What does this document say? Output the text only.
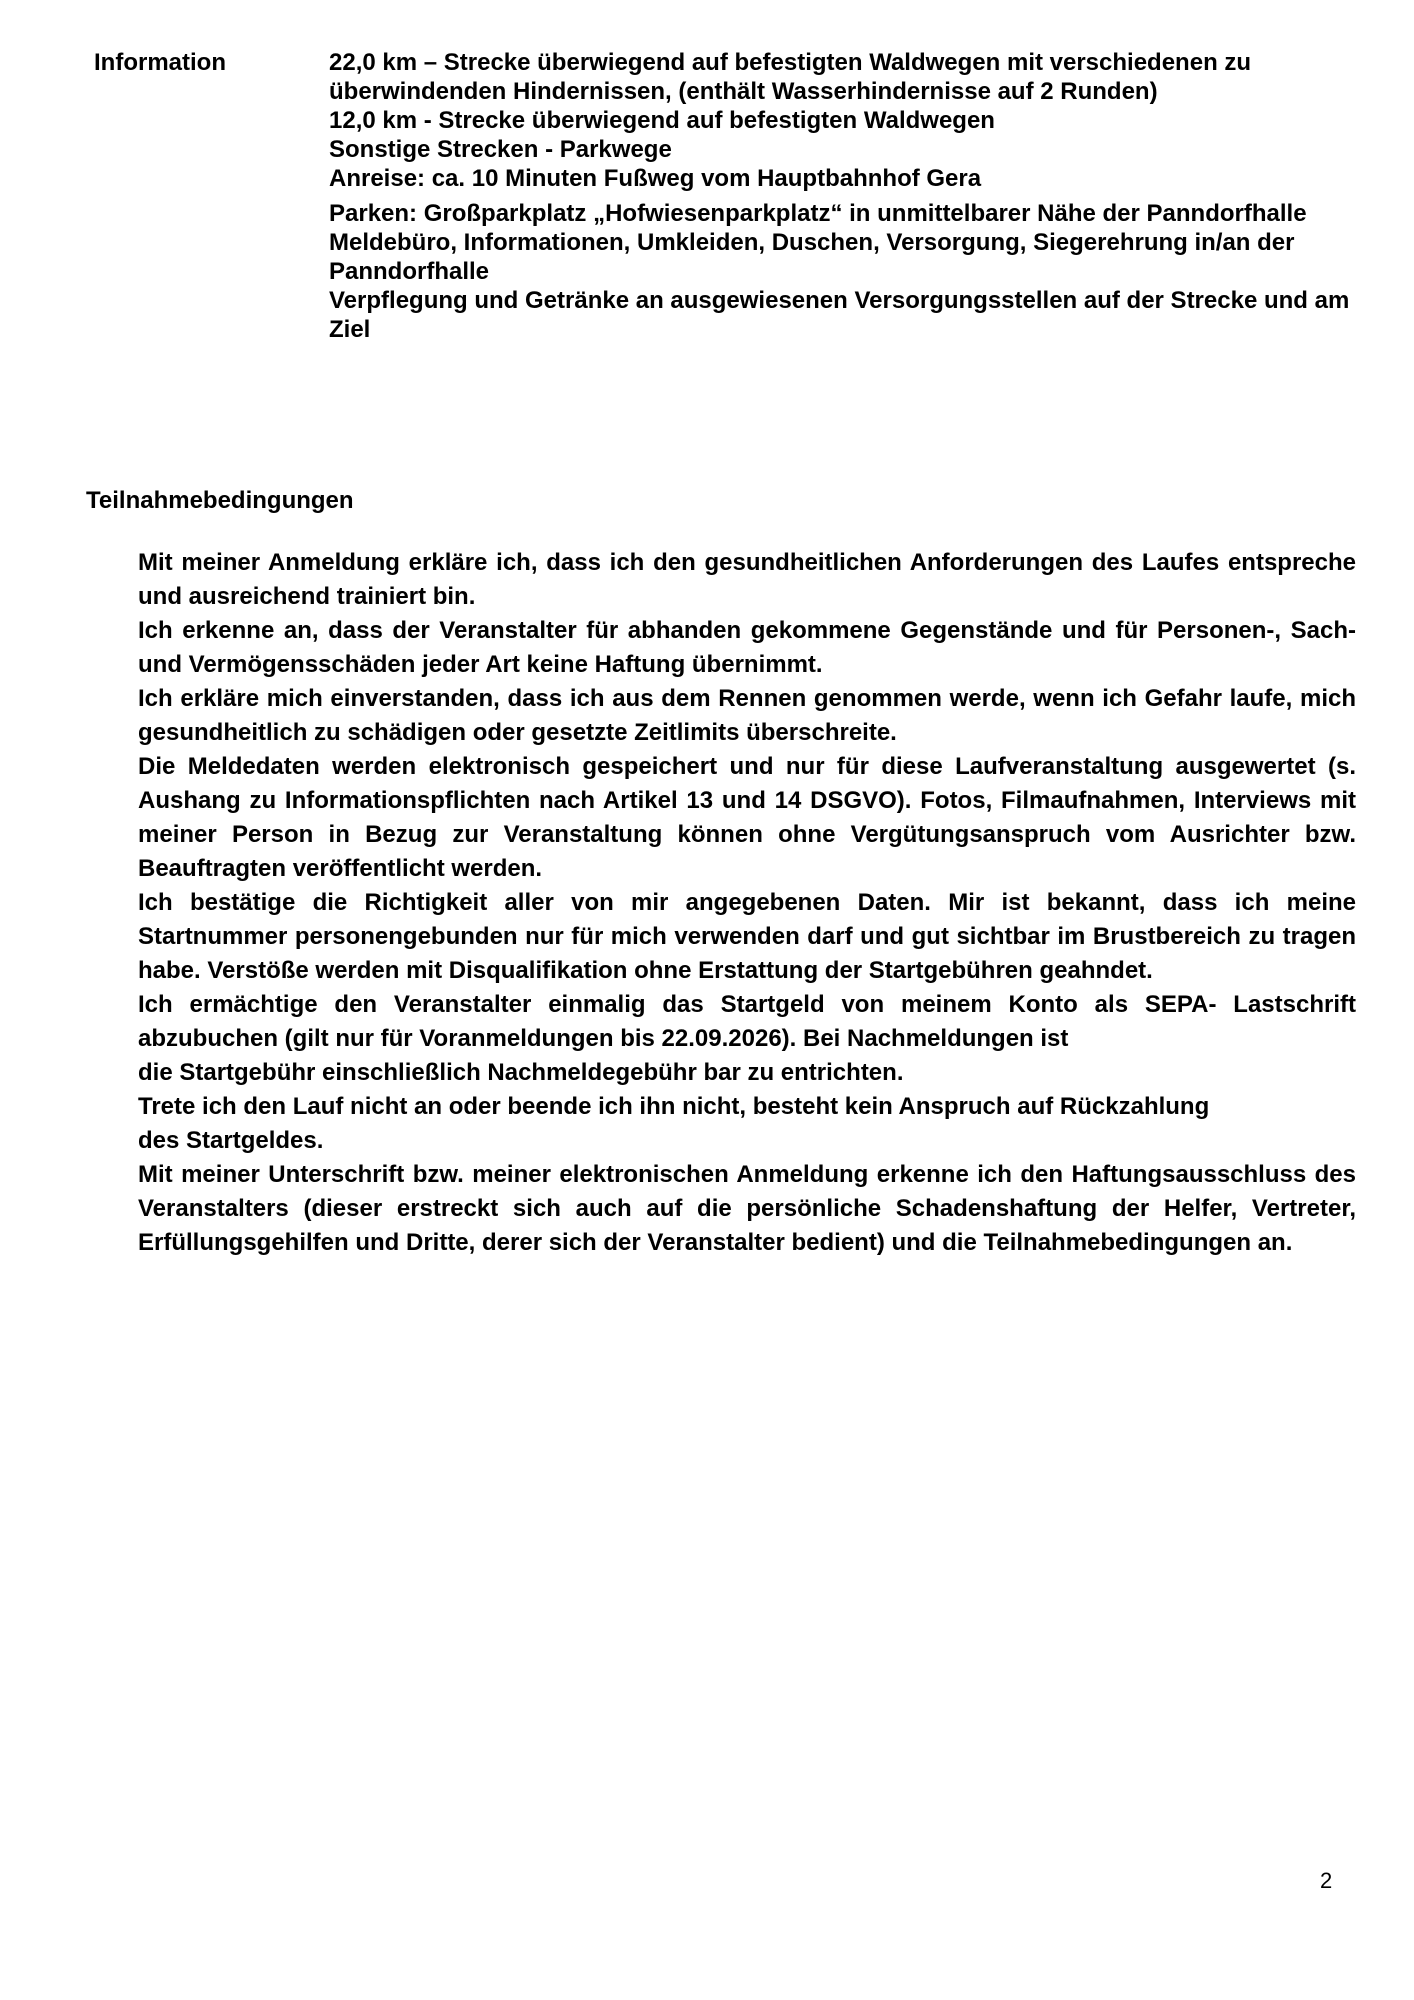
Information	22,0 km – Strecke überwiegend auf befestigten Waldwegen mit verschiedenen zu überwindenden Hindernissen, (enthält Wasserhindernisse auf 2 Runden)

12,0 km - Strecke überwiegend auf befestigten Waldwegen

Sonstige Strecken - Parkwege

Anreise: ca. 10 Minuten Fußweg vom Hauptbahnhof Gera

Parken: Großparkplatz „Hofwiesenparkplatz“ in unmittelbarer Nähe der Panndorfhalle

Meldebüro, Informationen, Umkleiden, Duschen, Versorgung, Siegerehrung in/an der Panndorfhalle

Verpflegung und Getränke an ausgewiesenen Versorgungsstellen auf der Strecke und am Ziel

Teilnahmebedingungen

Mit meiner Anmeldung erkläre ich, dass ich den gesundheitlichen Anforderungen des Laufes entspreche und ausreichend trainiert bin.

Ich erkenne an, dass der Veranstalter für abhanden gekommene Gegenstände und für Personen-, Sach- und Vermögensschäden jeder Art keine Haftung übernimmt.

Ich erkläre mich einverstanden, dass ich aus dem Rennen genommen werde, wenn ich Gefahr laufe, mich gesundheitlich zu schädigen oder gesetzte Zeitlimits überschreite.

Die Meldedaten werden elektronisch gespeichert und nur für diese Laufveranstaltung ausgewertet (s. Aushang zu Informationspflichten nach Artikel 13 und 14 DSGVO). Fotos, Filmaufnahmen, Interviews mit meiner Person in Bezug zur Veranstaltung können ohne Vergütungsanspruch vom Ausrichter bzw. Beauftragten veröffentlicht werden.

Ich bestätige die Richtigkeit aller von mir angegebenen Daten. Mir ist bekannt, dass ich meine Startnummer personengebunden nur für mich verwenden darf und gut sichtbar im Brustbereich zu tragen habe. Verstöße werden mit Disqualifikation ohne Erstattung der Startgebühren geahndet.

Ich ermächtige den Veranstalter einmalig das Startgeld von meinem Konto als SEPA- Lastschrift abzubuchen (gilt nur für Voranmeldungen bis 22.09.2026). Bei Nachmeldungen ist

die Startgebühr einschließlich Nachmeldegebühr bar zu entrichten.

Trete ich den Lauf nicht an oder beende ich ihn nicht, besteht kein Anspruch auf Rückzahlung

des Startgeldes.

Mit meiner Unterschrift bzw. meiner elektronischen Anmeldung erkenne ich den Haftungsausschluss des Veranstalters (dieser erstreckt sich auch auf die persönliche Schadenshaftung der Helfer, Vertreter, Erfüllungsgehilfen und Dritte, derer sich der Veranstalter bedient) und die Teilnahmebedingungen an.

2
